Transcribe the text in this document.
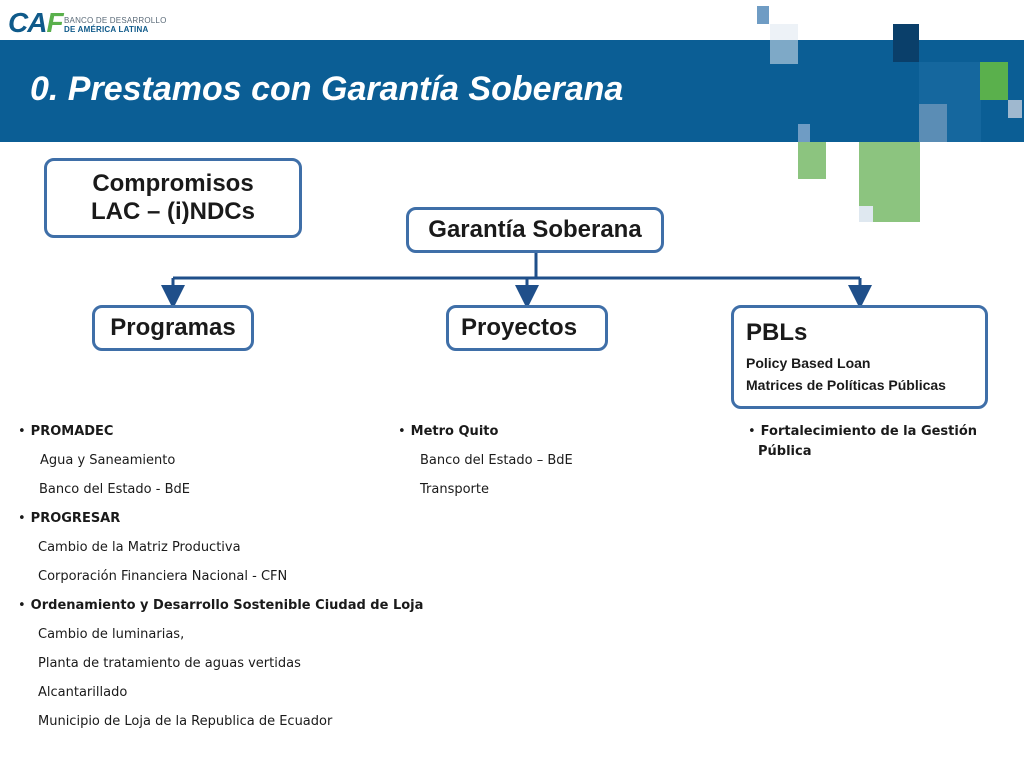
CAF BANCO DE DESARROLLO
DE AMÉRICA LATINA
0. Prestamos con Garantía Soberana
Compromisos
LAC – (i)NDCs
Garantía Soberana
Programas	Proyectos	PBLs
Policy Based Loan
Matrices de Políticas Públicas
• PROMADEC
Agua y Saneamiento
Banco del Estado - BdE
• PROGRESAR
Cambio de la Matriz Productiva
Corporación Financiera Nacional - CFN
• Ordenamiento y Desarrollo Sostenible Ciudad de Loja
Cambio de luminarias,
Planta de tratamiento de aguas vertidas
Alcantarillado
Municipio de Loja de la Republica de Ecuador
• Metro Quito
Banco del Estado – BdE
Transporte
• Fortalecimiento de la Gestión
Pública
